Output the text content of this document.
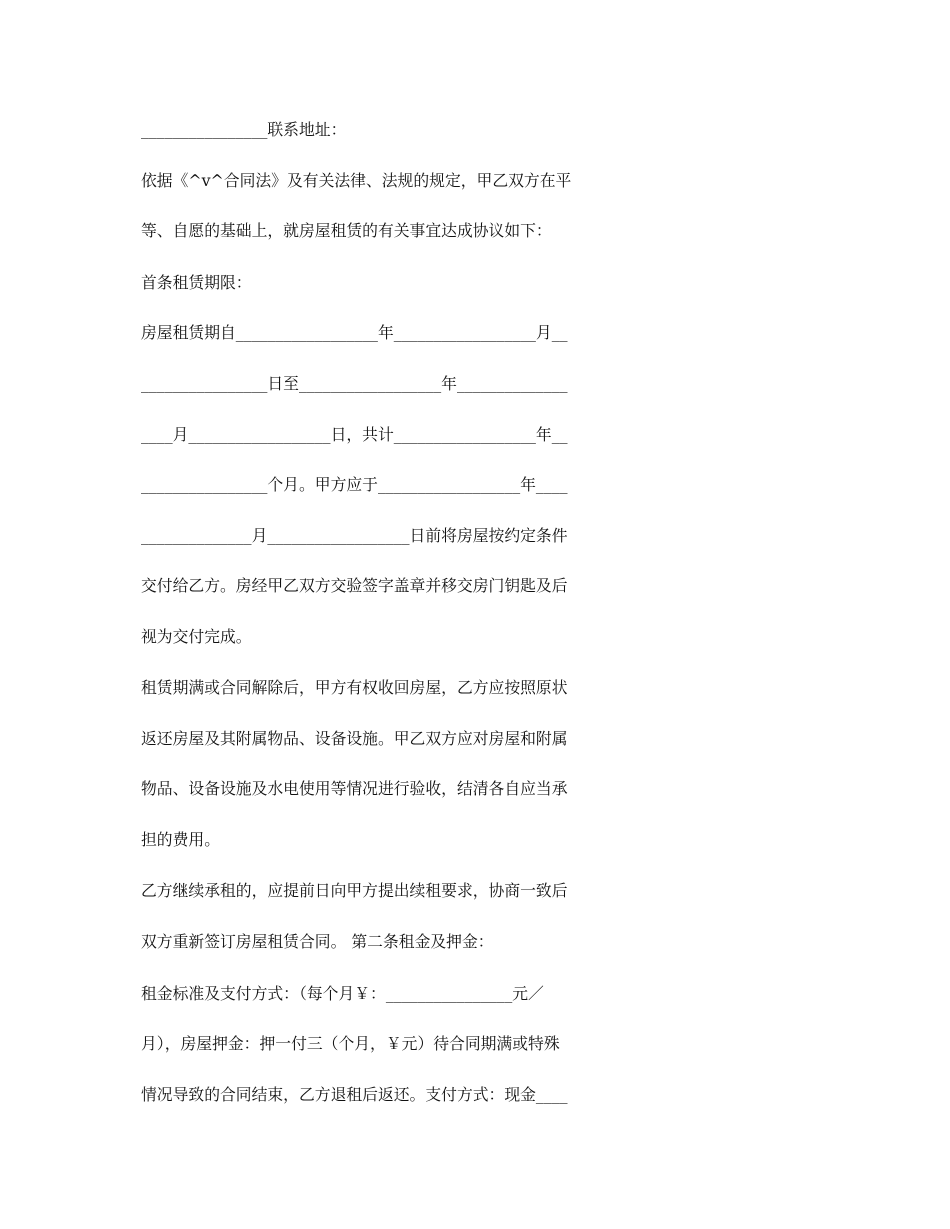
________________联系地址：
依据《^v^合同法》及有关法律、法规的规定，甲乙双方在平
等、自愿的基础上，就房屋租赁的有关事宜达成协议如下：
首条租赁期限：
房屋租赁期自__________________年__________________月__
________________日至__________________年______________
____月__________________日，共计__________________年__
________________个月。甲方应于__________________年____
______________月__________________日前将房屋按约定条件
交付给乙方。房经甲乙双方交验签字盖章并移交房门钥匙及后
视为交付完成。
租赁期满或合同解除后，甲方有权收回房屋，乙方应按照原状
返还房屋及其附属物品、设备设施。甲乙双方应对房屋和附属
物品、设备设施及水电使用等情况进行验收，结清各自应当承
担的费用。
乙方继续承租的，应提前日向甲方提出续租要求，协商一致后
双方重新签订房屋租赁合同。 第二条租金及押金：
租金标准及支付方式：（每个月￥：________________元／
月），房屋押金：押一付三（个月，￥元）待合同期满或特殊
情况导致的合同结束，乙方退租后返还。支付方式：现金____
